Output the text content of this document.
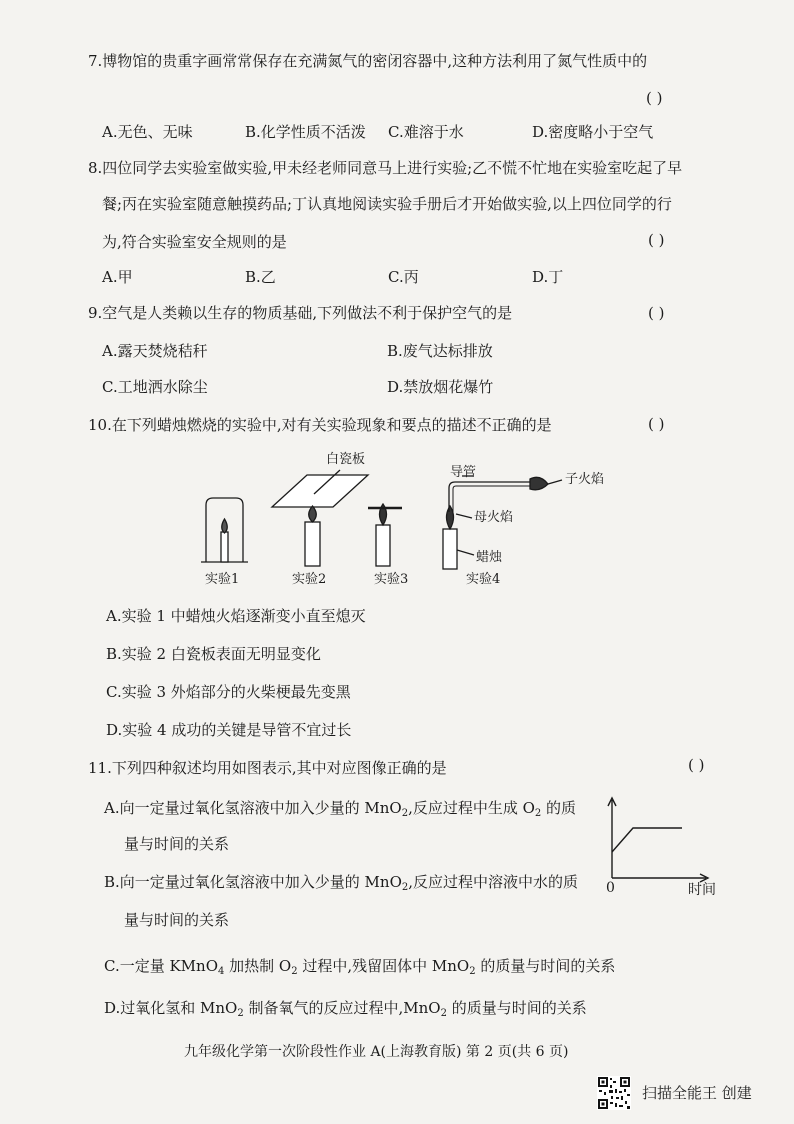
7.博物馆的贵重字画常常保存在充满氮气的密闭容器中,这种方法利用了氮气性质中的
( )
A.无色、无味	B.化学性质不活泼 C.难溶于水	D.密度略小于空气
8.四位同学去实验室做实验,甲未经老师同意马上进行实验;乙不慌不忙地在实验室吃起了早
餐;丙在实验室随意触摸药品;丁认真地阅读实验手册后才开始做实验,以上四位同学的行
为,符合实验室安全规则的是	( )
A.甲	B.乙	C.丙	D.丁
9.空气是人类赖以生存的物质基础,下列做法不利于保护空气的是	( )
A.露天焚烧秸秆	B.废气达标排放
C.工地洒水除尘	D.禁放烟花爆竹
10.在下列蜡烛燃烧的实验中,对有关实验现象和要点的描述不正确的是	( )
白瓷板
导管	子火焰
母火焰
蜡烛
实验1	实验2	实验3	实验4
A.实验 1 中蜡烛火焰逐渐变小直至熄灭
B.实验 2 白瓷板表面无明显变化
C.实验 3 外焰部分的火柴梗最先变黑
D.实验 4 成功的关键是导管不宜过长
11.下列四种叙述均用如图表示,其中对应图像正确的是	( )
A.向一定量过氧化氢溶液中加入少量的 MnO$_2$,反应过程中生成 $O_2$ 的质
量与时间的关系
B.向一定量过氧化氢溶液中加入少量的 MnO$_2$,反应过程中溶液中水的质
量与时间的关系
C.一定量 KMnO$_4$ 加热制 $O_2$ 过程中,残留固体中 MnO$_2$ 的质量与时间的关系
D.过氧化氢和 MnO$_2$ 制备氧气的反应过程中,MnO$_2$ 的质量与时间的关系
0	时间
九年级化学第一次阶段性作业 A(上海教育版) 第 2 页(共 6 页)
扫描全能王 创建
